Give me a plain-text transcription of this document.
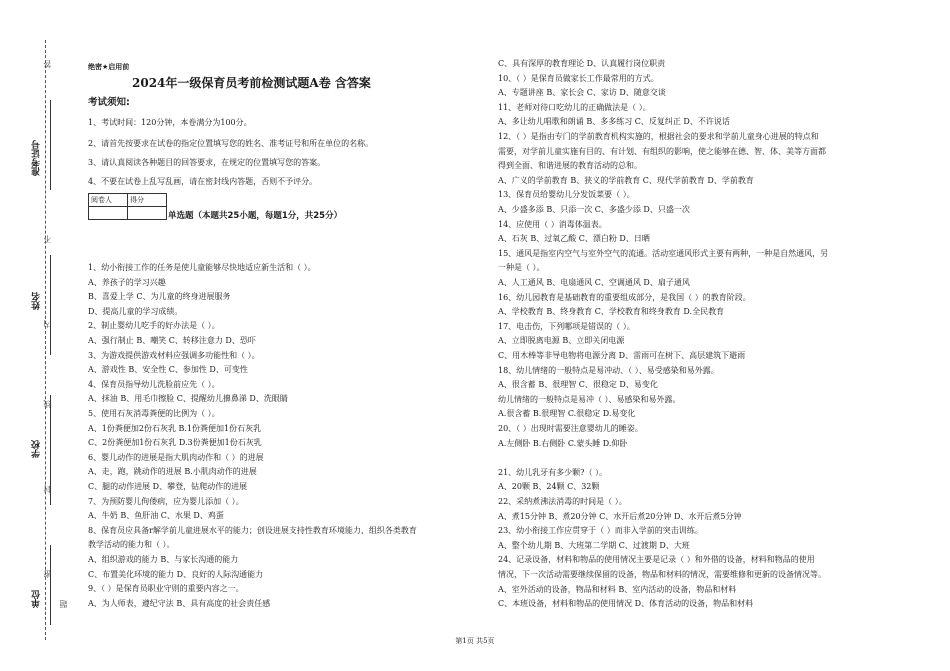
准考证号
姓名
学校
单位
答
不
内
线
封
密
题
绝密★启用前
2024年一级保育员考前检测试题A卷 含答案
考试须知:
1、考试时间：120分钟，本卷满分为100分。
2、请首先按要求在试卷的指定位置填写您的姓名、准考证号和所在单位的名称。
3、请认真阅读各种题目的回答要求，在规定的位置填写您的答案。
4、不要在试卷上乱写乱画，请在密封线内答题，否则不予评分。
阅卷人	得分

单选题（本题共25小题，每题1分，共25分）
1、幼小衔接工作的任务是使儿童能够尽快地适应新生活和（ ）。
A、养孩子的学习兴趣
B、喜爱上学 C、为儿童的终身进展服务
D、提高儿童的学习成绩。
2、制止婴幼儿吃手的好办法是（ ）。
A、强行制止 B、嘲笑 C、转移注意力 D、恐吓
3、为游戏提供游戏材料应强调多功能性和（ ）。
A、游戏性 B、安全性 C、参加性 D、可变性
4、保育员指导幼儿洗脸前应先（ ）。
A、抹油 B、用毛巾擦脸 C、提醒幼儿擤鼻涕 D、洗眼睛
5、使用石灰消毒粪便的比例为（ ）。
A、1份粪便加2份石灰乳 B.1份粪便加1份石灰乳
C、2份粪便加1份石灰乳 D.3份粪便加1份石灰乳
6、婴儿动作的进展是指大肌肉动作和（ ）的进展
A、走，跑，跳动作的进展 B.小肌肉动作的进展
C、腿的动作进展 D、攀登，钻爬动作的进展
7、为预防婴儿佝偻病，应为婴儿添加（ ）。
A、牛奶 B、鱼肝油 C、水果 D、鸡蛋
8、保育员应具备r解学前儿童进展水平的能力；创设进展支持性教育环境能力、组织各类教育
教学活动的能力和（ ）。
A、组织游戏的能力 B、与家长沟通的能力
C、布置美化环境的能力 D、良好的人际沟通能力
9、（ ）是保育员职业守则的重要内容之一。
A、为人师表，遵纪守法 B、具有高度的社会责任感
C、具有深厚的教育理论 D、认真履行岗位职责
10、（ ）是保育员做家长工作最常用的方式。
A、专题讲座 B、家长会 C、家访 D、随意交谈
11、老师对待口吃幼儿的正确做法是（ ）。
A、多让幼儿唱歌和朗诵 B、多多练习 C、反复纠正 D、不许说话
12、（ ）是指由专门的学前教育机构实施的，根据社会的要求和学前儿童身心进展的特点和
需要，对学前儿童实施有目的、有计划、有组织的影响，使之能够在德、智、体、美等方面都
得到全面、和谐进展的教育活动的总和。
A、广义的学前教育 B、狭义的学前教育 C、现代学前教育 D、学前教育
13、保育员给婴幼儿分发饭菜要（ ）。
A、少盛多添 B、只添一次 C、多盛少添 D、只盛一次
14、应使用（ ）消毒体温表。
A、石灰 B、过氧乙酸 C、漂白粉 D、日晒
15、通风是指室内空气与室外空气的流通。活动室通风形式主要有两种，一种是自然通风，另
一种是（ ）。
A、人工通风 B、电扇通风 C、空调通风 D、扇子通风
16、幼儿园教育是基础教育的重要组成部分，是我国（ ）的教育阶段。
A、学校教育 B、终身教育 C、学校教育和终身教育 D.全民教育
17、电击伤，下列哪项是错误的（ ）。
A、立即脱离电源 B、立即关闭电源
C、用木棒等非导电物将电源分离 D、雷雨可在树下、高层建筑下避雨
18、幼儿情绪的一般特点是易冲动、（ ）、易受感染和易外露。
A、很含蓄 B、很理智 C、很稳定 D、易变化
幼儿情绪的一般特点是易冲（ ）、易感染和易外露。
A.很含蓄 B.很理智 C.很稳定 D.易变化
20、（ ）出现时需要注意婴幼儿的睡姿。
A.左侧卧 B.右侧卧 C.蒙头睡 D.仰卧
21、幼儿乳牙有多少颗?（ ）。
A、20颗 B、24颗 C、32颗
22、采纳煮沸法消毒的时间是（ ）。
A、煮15分钟 B、煮20分钟 C、水开后煮20分钟 D、水开后煮5分钟
23、幼小衔接工作应贯穿于（ ）而非入学前的突击训练。
A、整个幼儿期 B、大班第二学期 C、过渡期 D、大班
24、记录设备，材料和物品的使用情况主要是记录（ ）和外借的设备，材料和物品的使用
情况，下一次活动需要继续保留的设备，物品和材料的情况，需要维修和更新的设备情况等。
A、室外活动的设备，物品和材料 B、室内活动的设备，物品和材料
C、本班设备，材料和物品的使用情况 D、体育活动的设备，物品和材料
第1页 共5页
